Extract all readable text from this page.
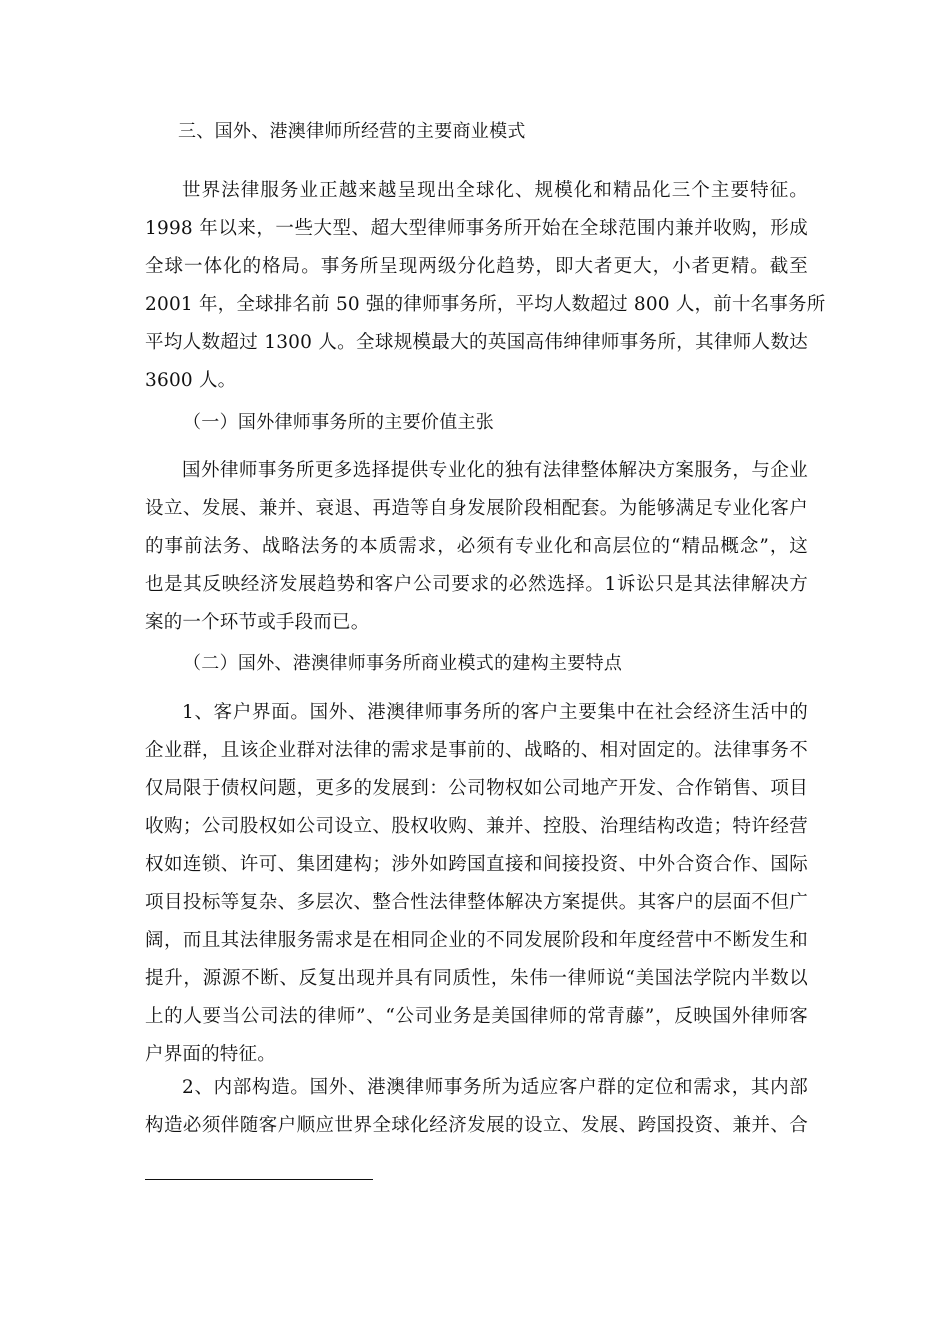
三、国外、港澳律师所经营的主要商业模式
世界法律服务业正越来越呈现出全球化、规模化和精品化三个主要特征。
1998 年以来，一些大型、超大型律师事务所开始在全球范围内兼并收购，形成
全球一体化的格局。事务所呈现两级分化趋势，即大者更大，小者更精。截至
2001 年，全球排名前 50 强的律师事务所，平均人数超过 800 人，前十名事务所
平均人数超过 1300 人。全球规模最大的英国高伟绅律师事务所，其律师人数达
3600 人。
（一）国外律师事务所的主要价值主张
国外律师事务所更多选择提供专业化的独有法律整体解决方案服务，与企业
设立、发展、兼并、衰退、再造等自身发展阶段相配套。为能够满足专业化客户
的事前法务、战略法务的本质需求，必须有专业化和高层位的“精品概念”，这
也是其反映经济发展趋势和客户公司要求的必然选择。1诉讼只是其法律解决方
案的一个环节或手段而已。
（二）国外、港澳律师事务所商业模式的建构主要特点
1、客户界面。国外、港澳律师事务所的客户主要集中在社会经济生活中的
企业群，且该企业群对法律的需求是事前的、战略的、相对固定的。法律事务不
仅局限于债权问题，更多的发展到：公司物权如公司地产开发、合作销售、项目
收购；公司股权如公司设立、股权收购、兼并、控股、治理结构改造；特许经营
权如连锁、许可、集团建构；涉外如跨国直接和间接投资、中外合资合作、国际
项目投标等复杂、多层次、整合性法律整体解决方案提供。其客户的层面不但广
阔，而且其法律服务需求是在相同企业的不同发展阶段和年度经营中不断发生和
提升，源源不断、反复出现并具有同质性，朱伟一律师说“美国法学院内半数以
上的人要当公司法的律师”、“公司业务是美国律师的常青藤”，反映国外律师客
户界面的特征。
2、内部构造。国外、港澳律师事务所为适应客户群的定位和需求，其内部
构造必须伴随客户顺应世界全球化经济发展的设立、发展、跨国投资、兼并、合
